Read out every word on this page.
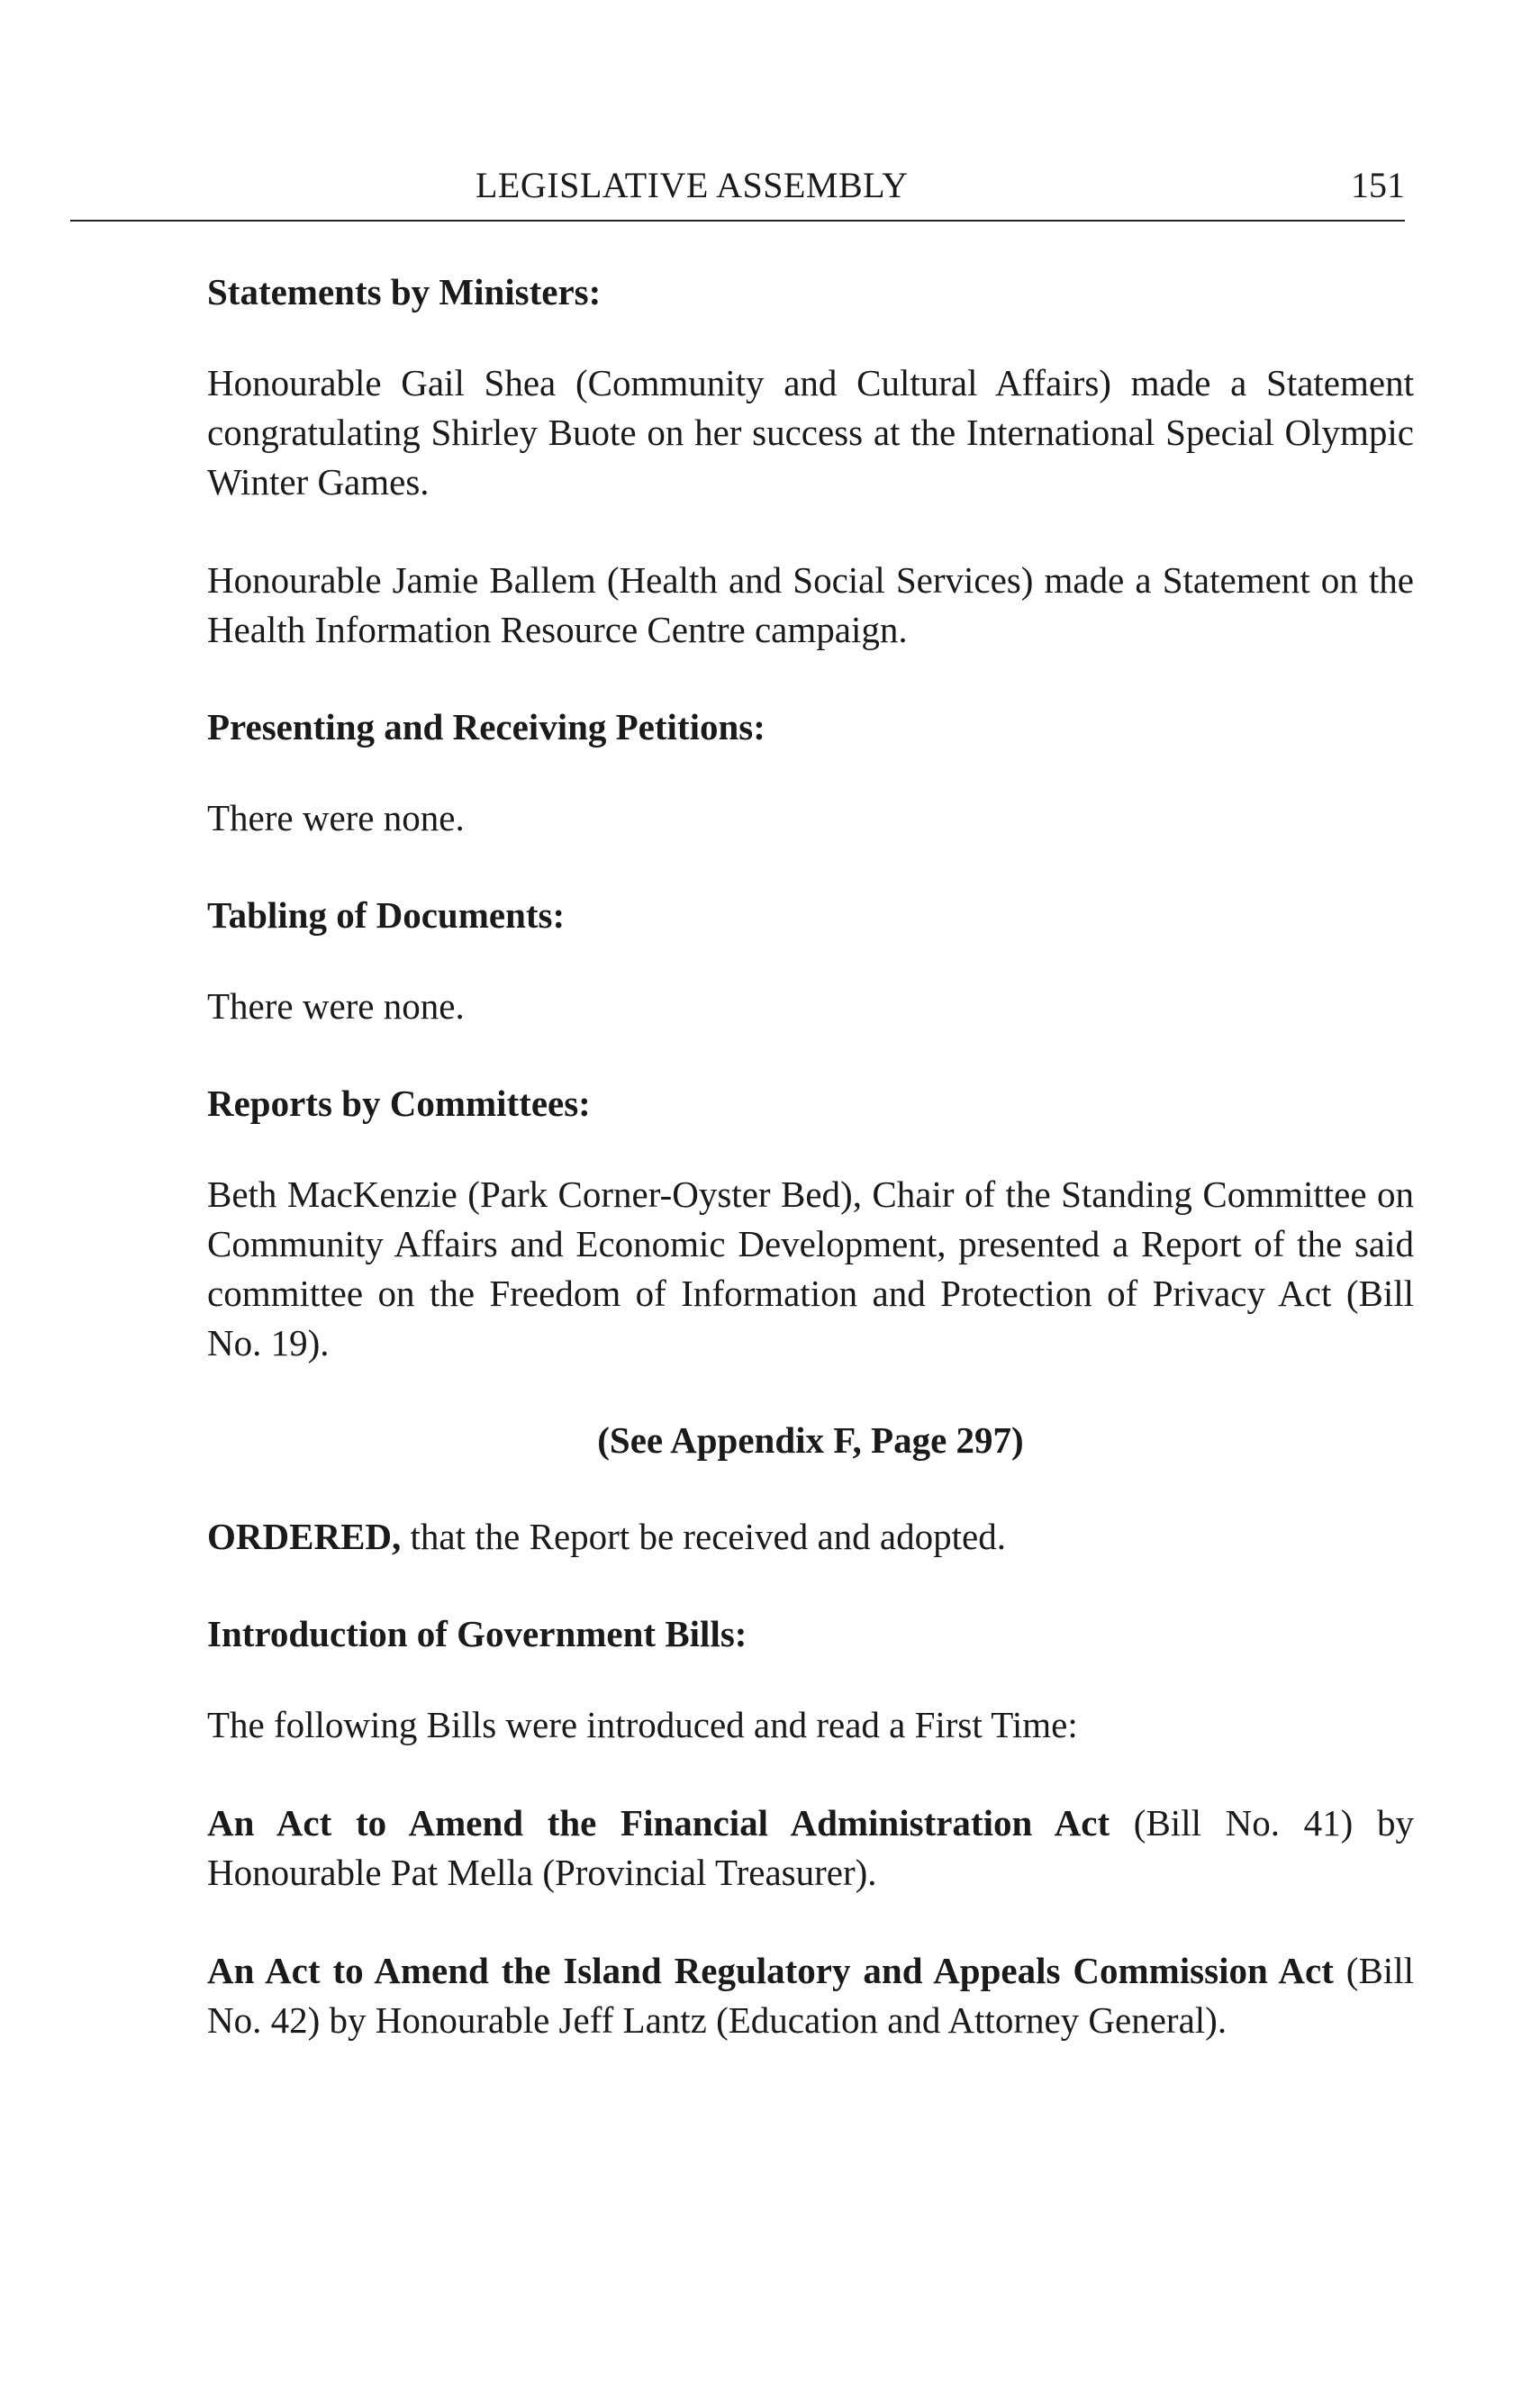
LEGISLATIVE ASSEMBLY	151

Statements by Ministers:

Honourable Gail Shea (Community and Cultural Affairs) made a Statement congratulating Shirley Buote on her success at the International Special Olympic Winter Games.

Honourable Jamie Ballem (Health and Social Services) made a Statement on the Health Information Resource Centre campaign.

Presenting and Receiving Petitions:

There were none.

Tabling of Documents:

There were none.

Reports by Committees:

Beth MacKenzie (Park Corner-Oyster Bed), Chair of the Standing Committee on Community Affairs and Economic Development, presented a Report of the said committee on the Freedom of Information and Protection of Privacy Act (Bill No. 19).

(See Appendix F, Page 297)

ORDERED, that the Report be received and adopted.

Introduction of Government Bills:

The following Bills were introduced and read a First Time:

An Act to Amend the Financial Administration Act (Bill No. 41) by Honourable Pat Mella (Provincial Treasurer).

An Act to Amend the Island Regulatory and Appeals Commission Act (Bill No. 42) by Honourable Jeff Lantz (Education and Attorney General).
